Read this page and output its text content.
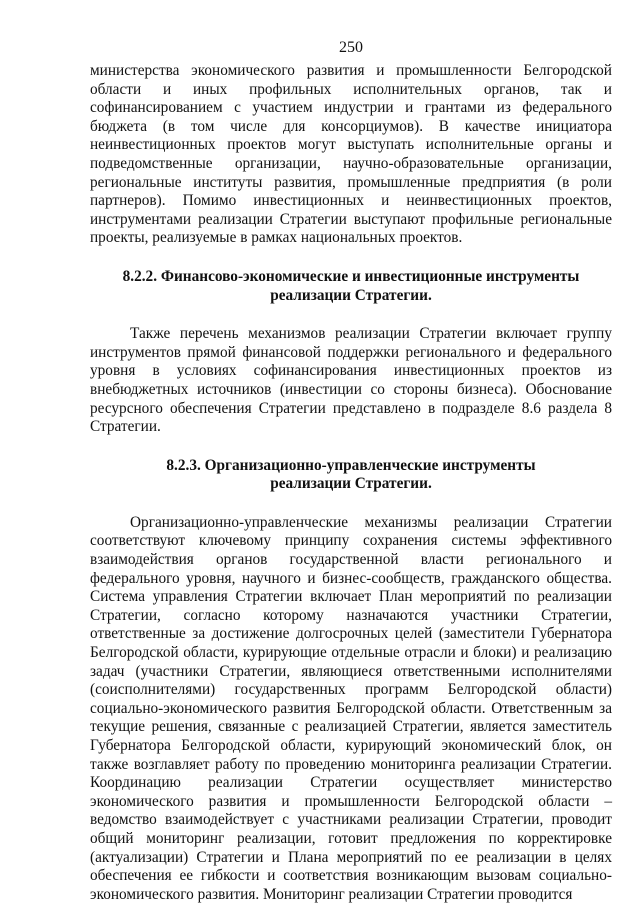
250

министерства экономического развития и промышленности Белгородской области и иных профильных исполнительных органов, так и софинансированием с участием индустрии и грантами из федерального бюджета (в том числе для консорциумов). В качестве инициатора неинвестиционных проектов могут выступать исполнительные органы и подведомственные организации, научно-образовательные организации, региональные институты развития, промышленные предприятия (в роли партнеров). Помимо инвестиционных и неинвестиционных проектов, инструментами реализации Стратегии выступают профильные региональные проекты, реализуемые в рамках национальных проектов.

8.2.2. Финансово-экономические и инвестиционные инструменты

реализации Стратегии.

Также перечень механизмов реализации Стратегии включает группу инструментов прямой финансовой поддержки регионального и федерального уровня в условиях софинансирования инвестиционных проектов из внебюджетных источников (инвестиции со стороны бизнеса). Обоснование ресурсного обеспечения Стратегии представлено в подразделе 8.6 раздела 8 Стратегии.

8.2.3. Организационно-управленческие инструменты

реализации Стратегии.

Организационно-управленческие механизмы реализации Стратегии соответствуют ключевому принципу сохранения системы эффективного взаимодействия органов государственной власти регионального и федерального уровня, научного и бизнес-сообществ, гражданского общества. Система управления Стратегии включает План мероприятий по реализации Стратегии, согласно которому назначаются участники Стратегии, ответственные за достижение долгосрочных целей (заместители Губернатора Белгородской области, курирующие отдельные отрасли и блоки) и реализацию задач (участники Стратегии, являющиеся ответственными исполнителями (соисполнителями) государственных программ Белгородской области) социально-экономического развития Белгородской области. Ответственным за текущие решения, связанные с реализацией Стратегии, является заместитель Губернатора Белгородской области, курирующий экономический блок, он также возглавляет работу по проведению мониторинга реализации Стратегии. Координацию реализации Стратегии осуществляет министерство экономического развития и промышленности Белгородской области – ведомство взаимодействует с участниками реализации Стратегии, проводит общий мониторинг реализации, готовит предложения по корректировке (актуализации) Стратегии и Плана мероприятий по ее реализации в целях обеспечения ее гибкости и соответствия возникающим вызовам социально-экономического развития. Мониторинг реализации Стратегии проводится
